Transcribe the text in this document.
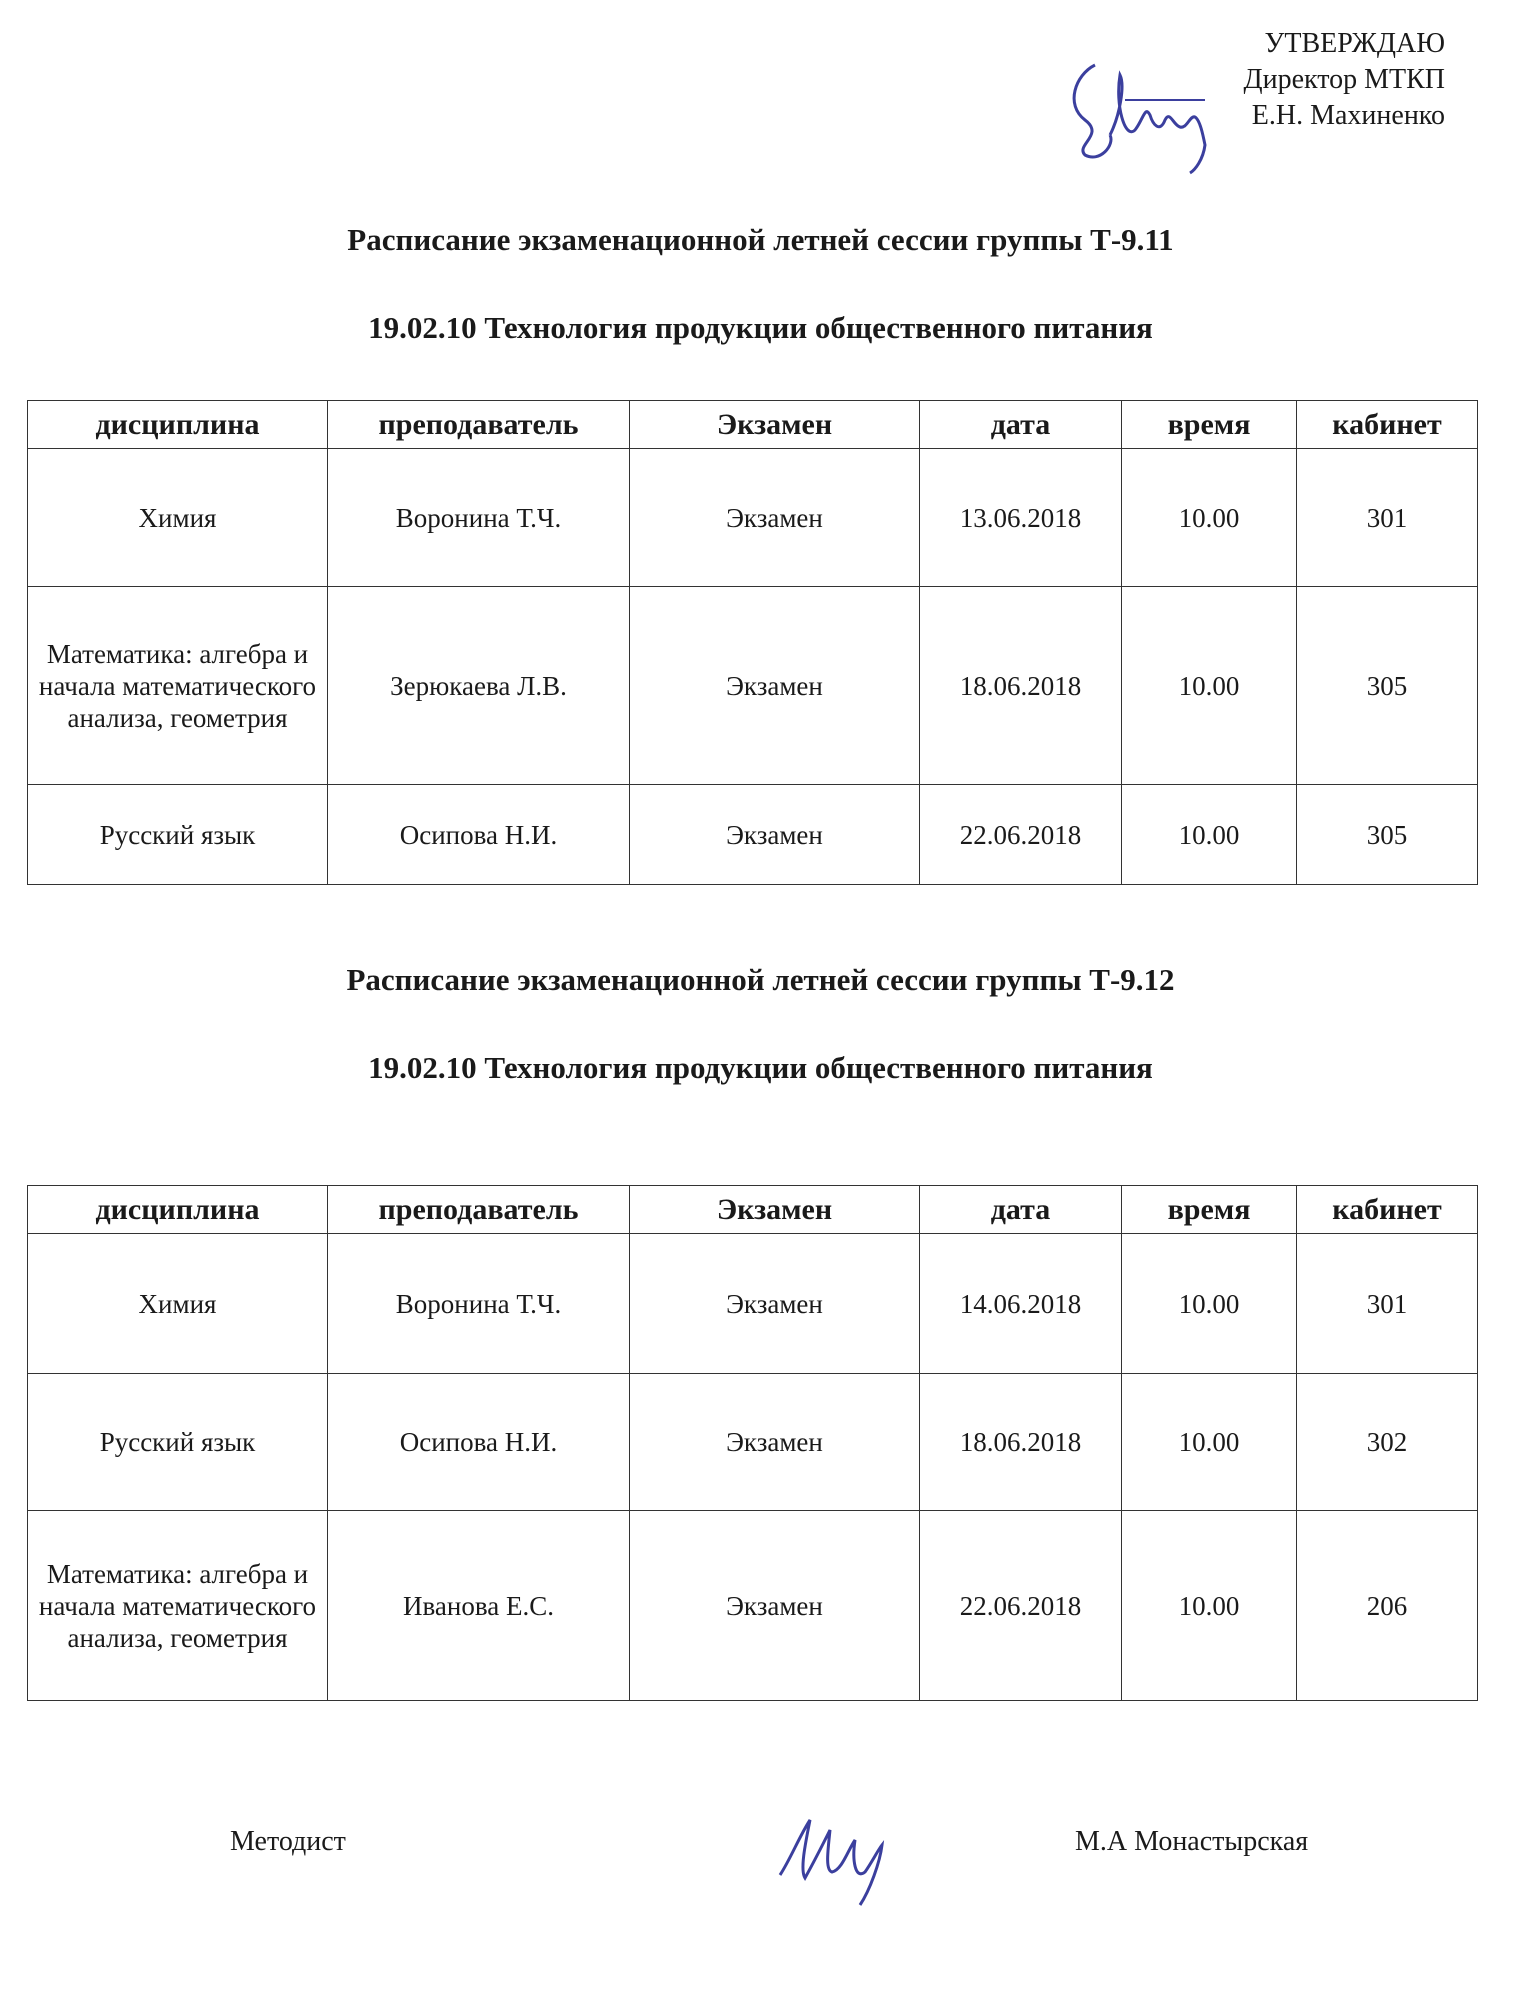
УТВЕРЖДАЮ
Директор МТКП
Е.Н. Махиненко
Расписание экзаменационной летней сессии группы Т-9.11
19.02.10 Технология продукции общественного питания
дисциплина	преподаватель	Экзамен	дата	время	кабинет
Химия	Воронина Т.Ч.	Экзамен	13.06.2018	10.00	301
Математика: алгебра и начала математического анализа, геометрия	Зерюкаева Л.В.	Экзамен	18.06.2018	10.00	305
Русский язык	Осипова Н.И.	Экзамен	22.06.2018	10.00	305
Расписание экзаменационной летней сессии группы Т-9.12
19.02.10 Технология продукции общественного питания
дисциплина	преподаватель	Экзамен	дата	время	кабинет
Химия	Воронина Т.Ч.	Экзамен	14.06.2018	10.00	301
Русский язык	Осипова Н.И.	Экзамен	18.06.2018	10.00	302
Математика: алгебра и начала математического анализа, геометрия	Иванова Е.С.	Экзамен	22.06.2018	10.00	206
Методист	М.А Монастырская
